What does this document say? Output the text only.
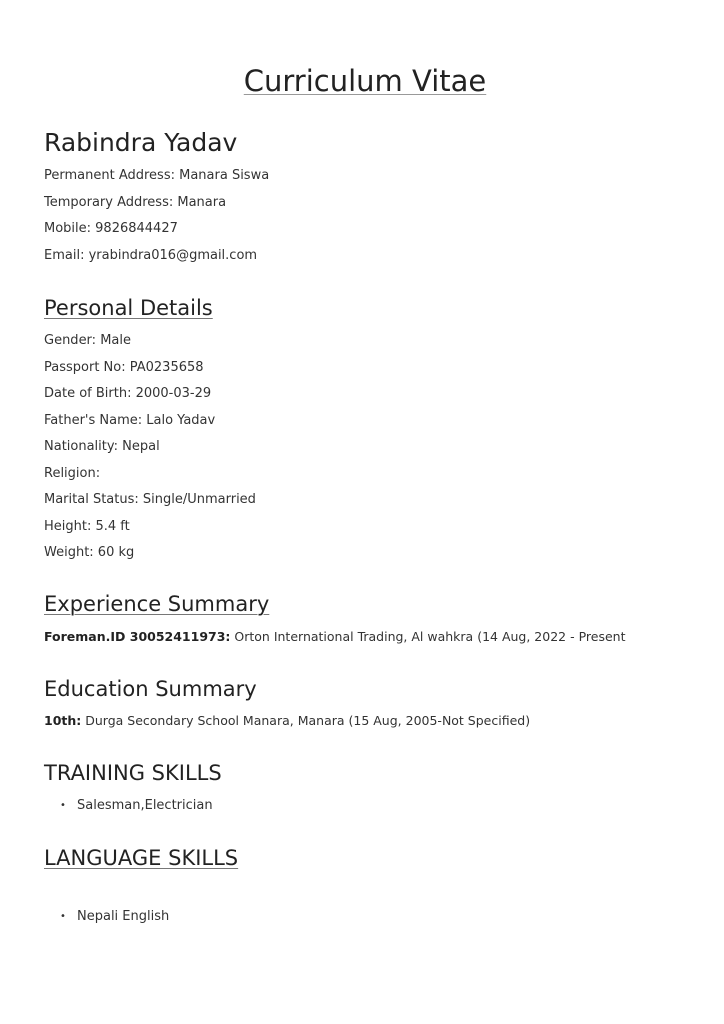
Curriculum Vitae
Rabindra Yadav
Permanent Address: Manara Siswa
Temporary Address: Manara
Mobile: 9826844427
Email: yrabindra016@gmail.com
Personal Details
Gender: Male
Passport No: PA0235658
Date of Birth: 2000-03-29
Father's Name: Lalo Yadav
Nationality: Nepal
Religion:
Marital Status: Single/Unmarried
Height: 5.4 ft
Weight: 60 kg
Experience Summary
Foreman.ID 30052411973: Orton International Trading, Al wahkra (14 Aug, 2022 - Present
Education Summary
10th: Durga Secondary School Manara, Manara (15 Aug, 2005-Not Specified)
TRAINING SKILLS
• Salesman,Electrician
LANGUAGE SKILLS
• Nepali English
